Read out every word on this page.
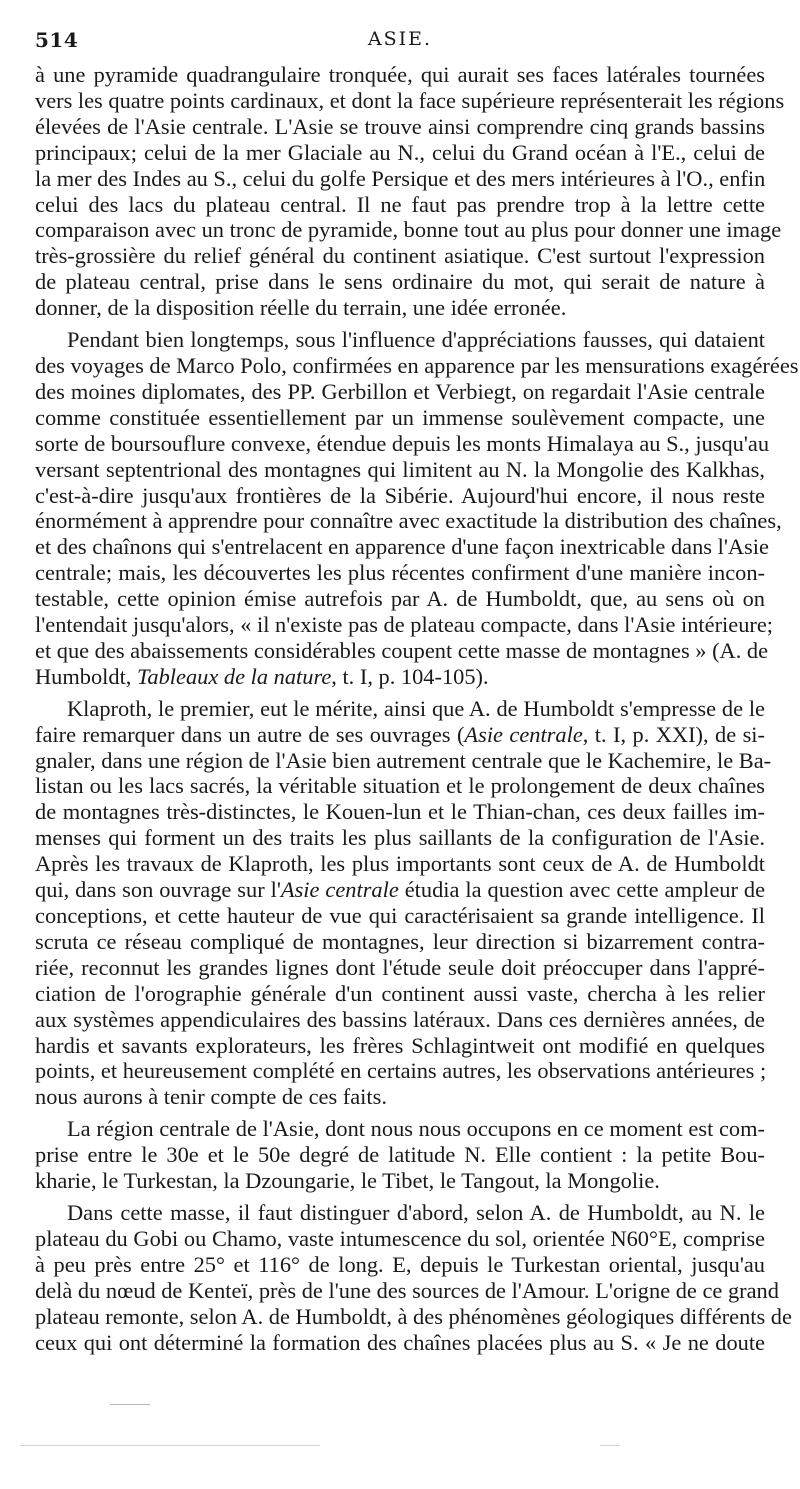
514	ASIE.

à une pyramide quadrangulaire tronquée, qui aurait ses faces latérales tournées
vers les quatre points cardinaux, et dont la face supérieure représenterait les régions
élevées de l'Asie centrale. L'Asie se trouve ainsi comprendre cinq grands bassins
principaux; celui de la mer Glaciale au N., celui du Grand océan à l'E., celui de
la mer des Indes au S., celui du golfe Persique et des mers intérieures à l'O., enfin
celui des lacs du plateau central. Il ne faut pas prendre trop à la lettre cette
comparaison avec un tronc de pyramide, bonne tout au plus pour donner une image
très-grossière du relief général du continent asiatique. C'est surtout l'expression
de plateau central, prise dans le sens ordinaire du mot, qui serait de nature à
donner, de la disposition réelle du terrain, une idée erronée.

Pendant bien longtemps, sous l'influence d'appréciations fausses, qui dataient
des voyages de Marco Polo, confirmées en apparence par les mensurations exagérées
des moines diplomates, des PP. Gerbillon et Verbiegt, on regardait l'Asie centrale
comme constituée essentiellement par un immense soulèvement compacte, une
sorte de boursouflure convexe, étendue depuis les monts Himalaya au S., jusqu'au
versant septentrional des montagnes qui limitent au N. la Mongolie des Kalkhas,
c'est-à-dire jusqu'aux frontières de la Sibérie. Aujourd'hui encore, il nous reste
énormément à apprendre pour connaître avec exactitude la distribution des chaînes,
et des chaînons qui s'entrelacent en apparence d'une façon inextricable dans l'Asie
centrale; mais, les découvertes les plus récentes confirment d'une manière incon-
testable, cette opinion émise autrefois par A. de Humboldt, que, au sens où on
l'entendait jusqu'alors, « il n'existe pas de plateau compacte, dans l'Asie intérieure;
et que des abaissements considérables coupent cette masse de montagnes » (A. de
Humboldt, Tableaux de la nature, t. I, p. 104-105).

Klaproth, le premier, eut le mérite, ainsi que A. de Humboldt s'empresse de le
faire remarquer dans un autre de ses ouvrages (Asie centrale, t. I, p. XXI), de si-
gnaler, dans une région de l'Asie bien autrement centrale que le Kachemire, le Ba-
listan ou les lacs sacrés, la véritable situation et le prolongement de deux chaînes
de montagnes très-distinctes, le Kouen-lun et le Thian-chan, ces deux failles im-
menses qui forment un des traits les plus saillants de la configuration de l'Asie.
Après les travaux de Klaproth, les plus importants sont ceux de A. de Humboldt
qui, dans son ouvrage sur l'Asie centrale étudia la question avec cette ampleur de
conceptions, et cette hauteur de vue qui caractérisaient sa grande intelligence. Il
scruta ce réseau compliqué de montagnes, leur direction si bizarrement contra-
riée, reconnut les grandes lignes dont l'étude seule doit préoccuper dans l'appré-
ciation de l'orographie générale d'un continent aussi vaste, chercha à les relier
aux systèmes appendiculaires des bassins latéraux. Dans ces dernières années, de
hardis et savants explorateurs, les frères Schlagintweit ont modifié en quelques
points, et heureusement complété en certains autres, les observations antérieures ;
nous aurons à tenir compte de ces faits.

La région centrale de l'Asie, dont nous nous occupons en ce moment est com-
prise entre le 30e et le 50e degré de latitude N. Elle contient : la petite Bou-
kharie, le Turkestan, la Dzoungarie, le Tibet, le Tangout, la Mongolie.

Dans cette masse, il faut distinguer d'abord, selon A. de Humboldt, au N. le
plateau du Gobi ou Chamo, vaste intumescence du sol, orientée N60°E, comprise
à peu près entre 25° et 116° de long. E, depuis le Turkestan oriental, jusqu'au
delà du nœud de Kenteï, près de l'une des sources de l'Amour. L'origne de ce grand
plateau remonte, selon A. de Humboldt, à des phénomènes géologiques différents de
ceux qui ont déterminé la formation des chaînes placées plus au S. « Je ne doute
